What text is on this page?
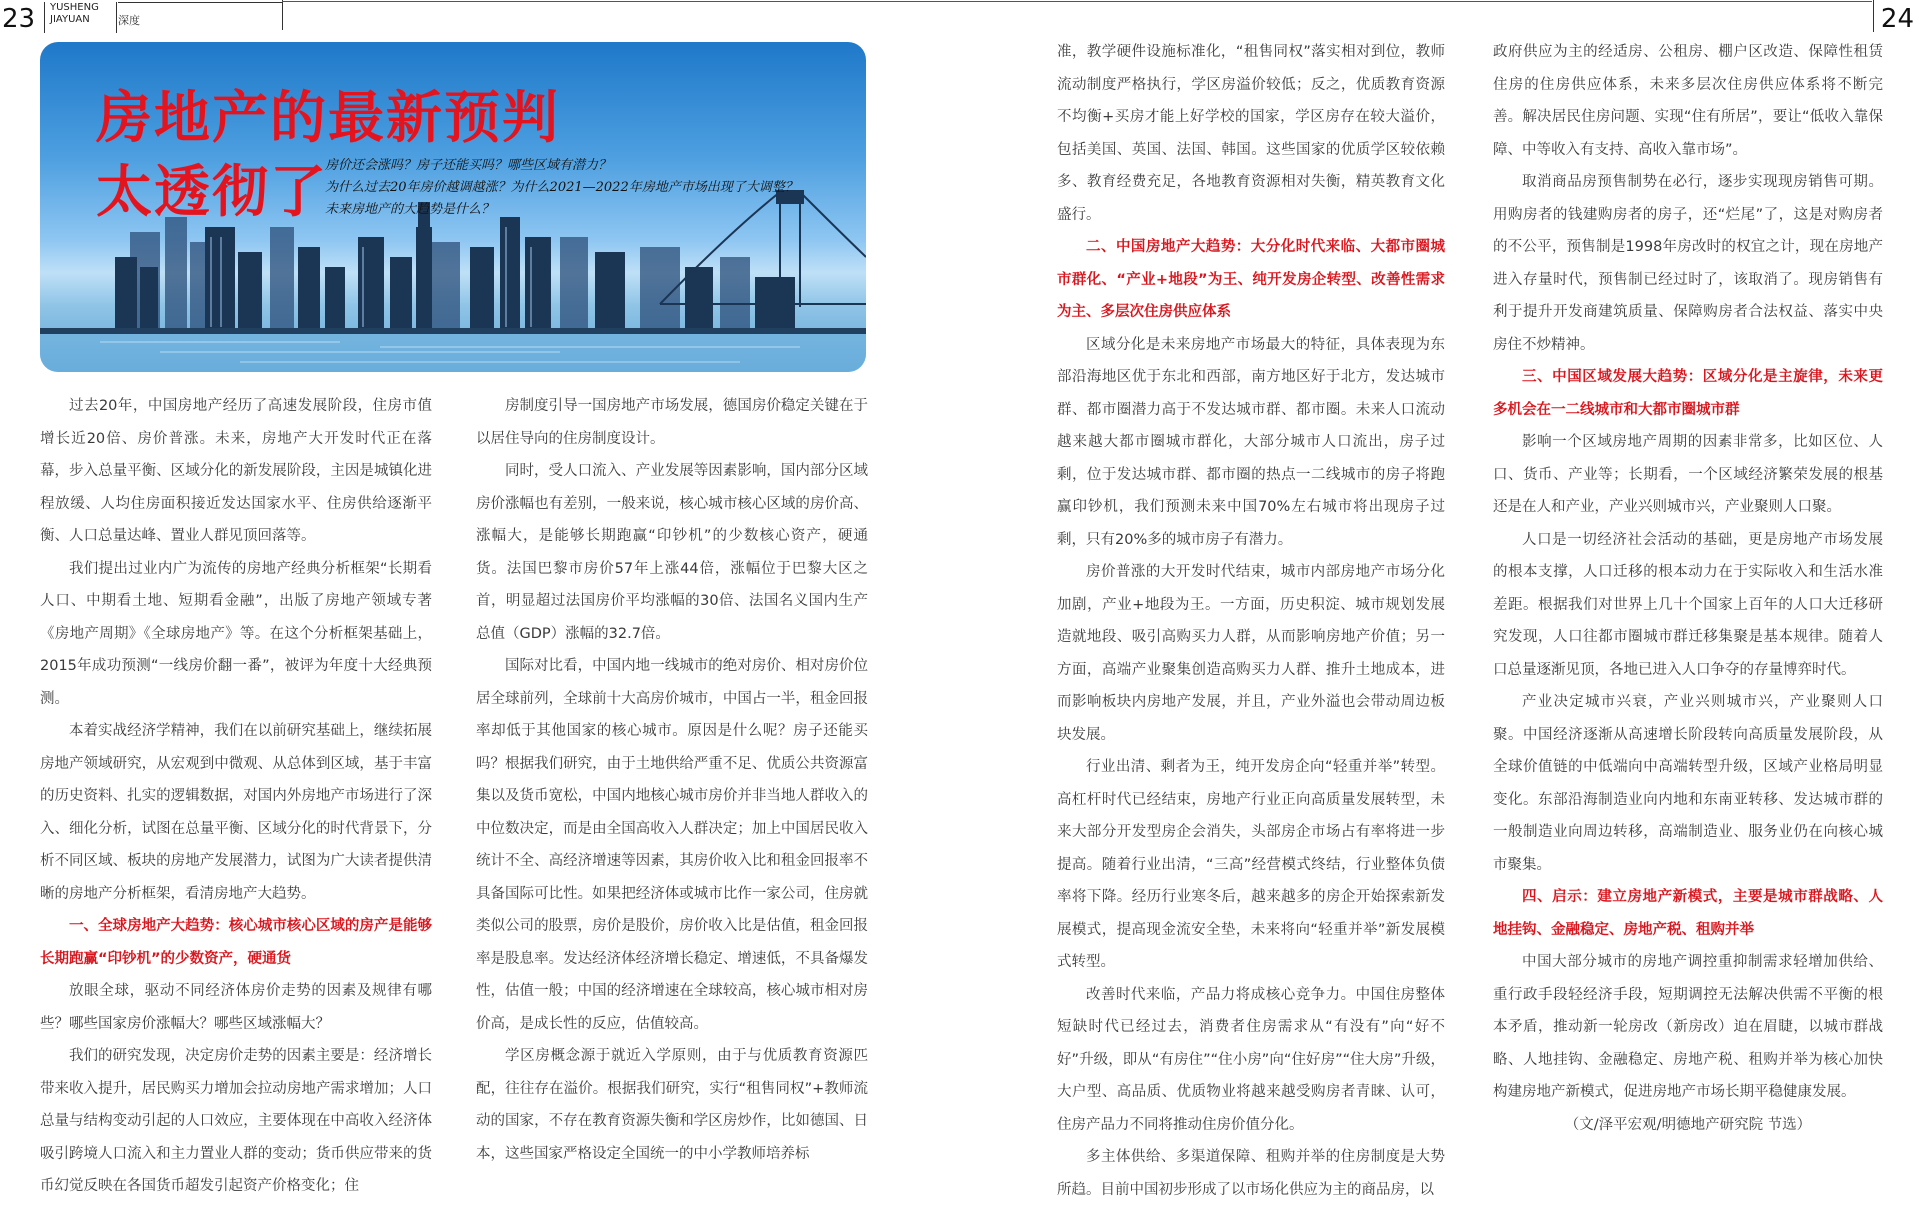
23 YUSHENG
JIAYUAN	深度	24
房地产的最新预判
太透彻了
房价还会涨吗？房子还能买吗？哪些区域有潜力？
为什么过去20年房价越调越涨？为什么2021—2022年房地产市场出现了大调整？
未来房地产的大趋势是什么？

过去20年，中国房地产经历了高速发展阶段，住房市值增长近20倍、房价普涨。未来，房地产大开发时代正在落幕，步入总量平衡、区域分化的新发展阶段，主因是城镇化进程放缓、人均住房面积接近发达国家水平、住房供给逐渐平衡、人口总量达峰、置业人群见顶回落等。

我们提出过业内广为流传的房地产经典分析框架“长期看人口、中期看土地、短期看金融”，出版了房地产领域专著《房地产周期》《全球房地产》等。在这个分析框架基础上，2015年成功预测“一线房价翻一番”，被评为年度十大经典预测。

本着实战经济学精神，我们在以前研究基础上，继续拓展房地产领域研究，从宏观到中微观、从总体到区域，基于丰富的历史资料、扎实的逻辑数据，对国内外房地产市场进行了深入、细化分析，试图在总量平衡、区域分化的时代背景下，分析不同区域、板块的房地产发展潜力，试图为广大读者提供清晰的房地产分析框架，看清房地产大趋势。

一、全球房地产大趋势：核心城市核心区域的房产是能够长期跑赢“印钞机”的少数资产，硬通货

放眼全球，驱动不同经济体房价走势的因素及规律有哪些？哪些国家房价涨幅大？哪些区域涨幅大？

我们的研究发现，决定房价走势的因素主要是：经济增长带来收入提升，居民购买力增加会拉动房地产需求增加；人口总量与结构变动引起的人口效应，主要体现在中高收入经济体吸引跨境人口流入和主力置业人群的变动；货币供应带来的货币幻觉反映在各国货币超发引起资产价格变化；住

房制度引导一国房地产市场发展，德国房价稳定关键在于以居住导向的住房制度设计。

同时，受人口流入、产业发展等因素影响，国内部分区域房价涨幅也有差别，一般来说，核心城市核心区域的房价高、涨幅大，是能够长期跑赢“印钞机”的少数核心资产，硬通货。法国巴黎市房价57年上涨44倍，涨幅位于巴黎大区之首，明显超过法国房价平均涨幅的30倍、法国名义国内生产总值（GDP）涨幅的32.7倍。

国际对比看，中国内地一线城市的绝对房价、相对房价位居全球前列，全球前十大高房价城市，中国占一半，租金回报率却低于其他国家的核心城市。原因是什么呢？房子还能买吗？根据我们研究，由于土地供给严重不足、优质公共资源富集以及货币宽松，中国内地核心城市房价并非当地人群收入的中位数决定，而是由全国高收入人群决定；加上中国居民收入统计不全、高经济增速等因素，其房价收入比和租金回报率不具备国际可比性。如果把经济体或城市比作一家公司，住房就类似公司的股票，房价是股价，房价收入比是估值，租金回报率是股息率。发达经济体经济增长稳定、增速低，不具备爆发性，估值一般；中国的经济增速在全球较高，核心城市相对房价高，是成长性的反应，估值较高。

学区房概念源于就近入学原则，由于与优质教育资源匹配，往往存在溢价。根据我们研究，实行“租售同权”+教师流动的国家，不存在教育资源失衡和学区房炒作，比如德国、日本，这些国家严格设定全国统一的中小学教师培养标

准，教学硬件设施标准化，“租售同权”落实相对到位，教师流动制度严格执行，学区房溢价较低；反之，优质教育资源不均衡+买房才能上好学校的国家，学区房存在较大溢价，包括美国、英国、法国、韩国。这些国家的优质学区较依赖多、教育经费充足，各地教育资源相对失衡，精英教育文化盛行。

二、中国房地产大趋势：大分化时代来临、大都市圈城市群化、“产业+地段”为王、纯开发房企转型、改善性需求为主、多层次住房供应体系

区域分化是未来房地产市场最大的特征，具体表现为东部沿海地区优于东北和西部，南方地区好于北方，发达城市群、都市圈潜力高于不发达城市群、都市圈。未来人口流动越来越大都市圈城市群化，大部分城市人口流出，房子过剩，位于发达城市群、都市圈的热点一二线城市的房子将跑赢印钞机，我们预测未来中国70%左右城市将出现房子过剩，只有20%多的城市房子有潜力。

房价普涨的大开发时代结束，城市内部房地产市场分化加剧，产业+地段为王。一方面，历史积淀、城市规划发展造就地段、吸引高购买力人群，从而影响房地产价值；另一方面，高端产业聚集创造高购买力人群、推升土地成本，进而影响板块内房地产发展，并且，产业外溢也会带动周边板块发展。

行业出清、剩者为王，纯开发房企向“轻重并举”转型。高杠杆时代已经结束，房地产行业正向高质量发展转型，未来大部分开发型房企会消失，头部房企市场占有率将进一步提高。随着行业出清，“三高”经营模式终结，行业整体负债率将下降。经历行业寒冬后，越来越多的房企开始探索新发展模式，提高现金流安全垫，未来将向“轻重并举”新发展模式转型。

改善时代来临，产品力将成核心竞争力。中国住房整体短缺时代已经过去，消费者住房需求从“有没有”向“好不好”升级，即从“有房住”“住小房”向“住好房”“住大房”升级，大户型、高品质、优质物业将越来越受购房者青睐、认可，住房产品力不同将推动住房价值分化。

多主体供给、多渠道保障、租购并举的住房制度是大势所趋。目前中国初步形成了以市场化供应为主的商品房，以

政府供应为主的经适房、公租房、棚户区改造、保障性租赁住房的住房供应体系，未来多层次住房供应体系将不断完善。解决居民住房问题、实现“住有所居”，要让“低收入靠保障、中等收入有支持、高收入靠市场”。

取消商品房预售制势在必行，逐步实现现房销售可期。用购房者的钱建购房者的房子，还“烂尾”了，这是对购房者的不公平，预售制是1998年房改时的权宜之计，现在房地产进入存量时代，预售制已经过时了，该取消了。现房销售有利于提升开发商建筑质量、保障购房者合法权益、落实中央房住不炒精神。

三、中国区域发展大趋势：区域分化是主旋律，未来更多机会在一二线城市和大都市圈城市群

影响一个区域房地产周期的因素非常多，比如区位、人口、货币、产业等；长期看，一个区域经济繁荣发展的根基还是在人和产业，产业兴则城市兴，产业聚则人口聚。

人口是一切经济社会活动的基础，更是房地产市场发展的根本支撑，人口迁移的根本动力在于实际收入和生活水准差距。根据我们对世界上几十个国家上百年的人口大迁移研究发现，人口往都市圈城市群迁移集聚是基本规律。随着人口总量逐渐见顶，各地已进入人口争夺的存量博弈时代。

产业决定城市兴衰，产业兴则城市兴，产业聚则人口聚。中国经济逐渐从高速增长阶段转向高质量发展阶段，从全球价值链的中低端向中高端转型升级，区域产业格局明显变化。东部沿海制造业向内地和东南亚转移、发达城市群的一般制造业向周边转移，高端制造业、服务业仍在向核心城市聚集。

四、启示：建立房地产新模式，主要是城市群战略、人地挂钩、金融稳定、房地产税、租购并举

中国大部分城市的房地产调控重抑制需求轻增加供给、重行政手段轻经济手段，短期调控无法解决供需不平衡的根本矛盾，推动新一轮房改（新房改）迫在眉睫，以城市群战略、人地挂钩、金融稳定、房地产税、租购并举为核心加快构建房地产新模式，促进房地产市场长期平稳健康发展。

（文/泽平宏观/明德地产研究院 节选）
